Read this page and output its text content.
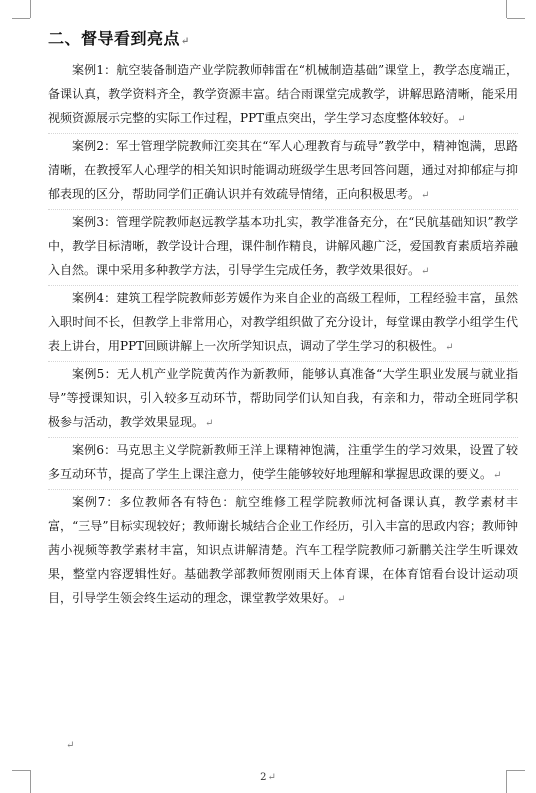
二、督导看到亮点↵

案例1：航空装备制造产业学院教师韩雷在“机械制造基础”课堂上，教学态度端正，备课认真，教学资料齐全，教学资源丰富。结合雨课堂完成教学，讲解思路清晰，能采用视频资源展示完整的实际工作过程，PPT重点突出，学生学习态度整体较好。↵

案例2：军士管理学院教师江奕其在“军人心理教育与疏导”教学中，精神饱满，思路清晰，在教授军人心理学的相关知识时能调动班级学生思考回答问题，通过对抑郁症与抑郁表现的区分，帮助同学们正确认识并有效疏导情绪，正向积极思考。↵

案例3：管理学院教师赵远教学基本功扎实，教学准备充分，在“民航基础知识”教学中，教学目标清晰，教学设计合理，课件制作精良，讲解风趣广泛，爱国教育素质培养融入自然。课中采用多种教学方法，引导学生完成任务，教学效果很好。↵

案例4：建筑工程学院教师彭芳媛作为来自企业的高级工程师，工程经验丰富，虽然入职时间不长，但教学上非常用心，对教学组织做了充分设计，每堂课由教学小组学生代表上讲台，用PPT回顾讲解上一次所学知识点，调动了学生学习的积极性。↵

案例5：无人机产业学院黄芮作为新教师，能够认真准备“大学生职业发展与就业指导”等授课知识，引入较多互动环节，帮助同学们认知自我，有亲和力，带动全班同学积极参与活动，教学效果显现。↵

案例6：马克思主义学院新教师王洋上课精神饱满，注重学生的学习效果，设置了较多互动环节，提高了学生上课注意力，使学生能够较好地理解和掌握思政课的要义。↵

案例7：多位教师各有特色：航空维修工程学院教师沈柯备课认真，教学素材丰富，“三导”目标实现较好；教师谢长城结合企业工作经历，引入丰富的思政内容；教师钟茜小视频等教学素材丰富，知识点讲解清楚。汽车工程学院教师刁新鹏关注学生听课效果，整堂内容逻辑性好。基础教学部教师贺刚雨天上体育课，在体育馆看台设计运动项目，引导学生领会终生运动的理念，课堂教学效果好。↵

↵
2↵
